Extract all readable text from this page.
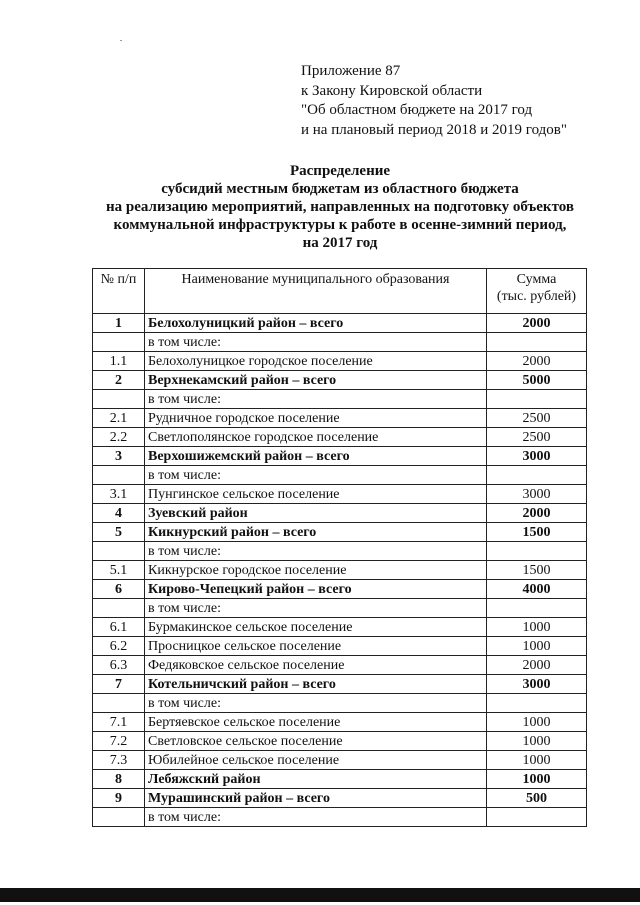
Приложение 87
к Закону Кировской области
"Об областном бюджете на 2017 год
и на плановый период 2018 и 2019 годов"
Распределение
субсидий местным бюджетам из областного бюджета
на реализацию мероприятий, направленных на подготовку объектов
коммунальной инфраструктуры к работе в осенне-зимний период,
на 2017 год
№ п/п	Наименование муниципального образования	Сумма
(тыс. рублей)

1	Белохолуницкий район – всего	2000
	в том числе:	
1.1	Белохолуницкое городское поселение	2000
2	Верхнекамский район – всего	5000
	в том числе:	
2.1	Рудничное городское поселение	2500
2.2	Светлополянское городское поселение	2500
3	Верхошижемский район – всего	3000
	в том числе:	
3.1	Пунгинское сельское поселение	3000
4	Зуевский район	2000
5	Кикнурский район – всего	1500
	в том числе:	
5.1	Кикнурское городское поселение	1500
6	Кирово-Чепецкий район – всего	4000
	в том числе:	
6.1	Бурмакинское сельское поселение	1000
6.2	Просницкое сельское поселение	1000
6.3	Федяковское сельское поселение	2000
7	Котельничский район – всего	3000
	в том числе:	
7.1	Бертяевское сельское поселение	1000
7.2	Светловское сельское поселение	1000
7.3	Юбилейное сельское поселение	1000
8	Лебяжский район	1000
9	Мурашинский район – всего	500
	в том числе:	
